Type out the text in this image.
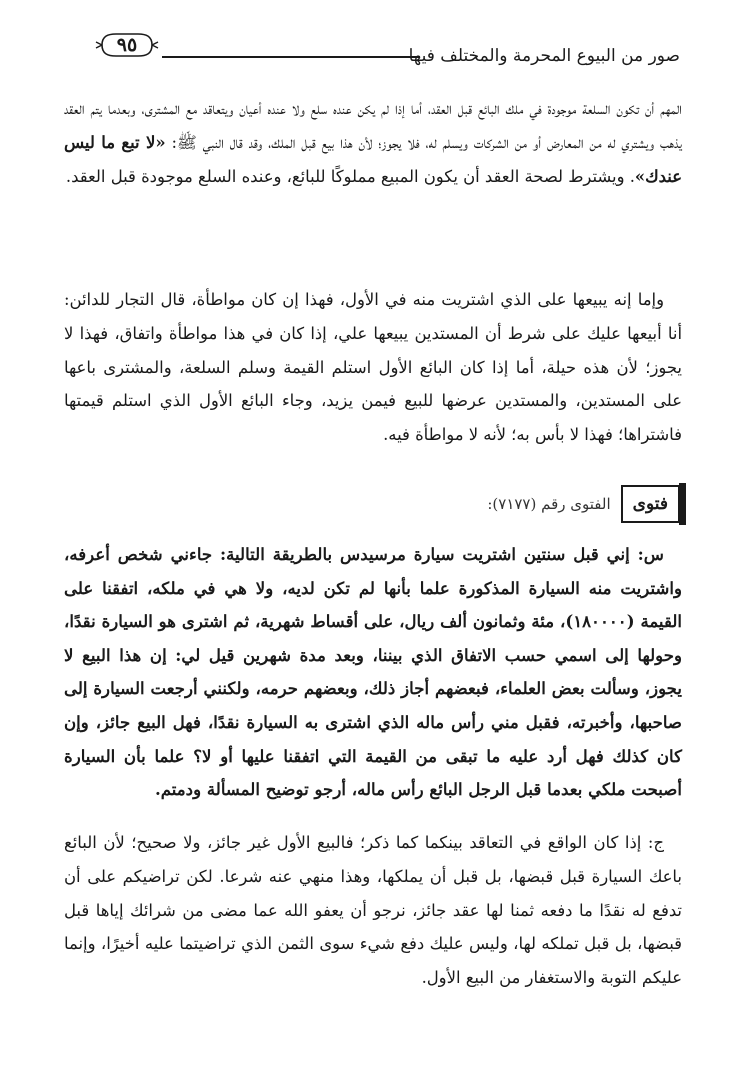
صور من البيوع المحرمة والمختلف فيها
٩٥

المهم أن تكون السلعة موجودة في ملك البائع قبل العقد، أما إذا لم يكن عنده سلع ولا عنده أعيان ويتعاقد مع المشترى، وبعدما يتم العقد يذهب ويشتري له من المعارض أو من الشركات ويسلم له، فلا يجوز؛ لأن هذا بيع قبل الملك، وقد قال النبي ﷺ: «لا تبع ما ليس عندك». ويشترط لصحة العقد أن يكون المبيع مملوكًا للبائع، وعنده السلع موجودة قبل العقد.

وإما إنه يبيعها على الذي اشتريت منه في الأول، فهذا إن كان مواطأة، قال التجار للدائن: أنا أبيعها عليك على شرط أن المستدين يبيعها علي، إذا كان في هذا مواطأة واتفاق، فهذا لا يجوز؛ لأن هذه حيلة، أما إذا كان البائع الأول استلم القيمة وسلم السلعة، والمشترى باعها على المستدين، والمستدين عرضها للبيع فيمن يزيد، وجاء البائع الأول الذي استلم قيمتها فاشتراها؛ فهذا لا بأس به؛ لأنه لا مواطأة فيه.

فتوى
الفتوى رقم (٧١٧٧):
س: إني قبل سنتين اشتريت سيارة مرسيدس بالطريقة التالية: جاءني شخص أعرفه، واشتريت منه السيارة المذكورة علما بأنها لم تكن لديه، ولا هي في ملكه، اتفقنا على القيمة (١٨٠٠٠٠)، مئة وثمانون ألف ريال، على أقساط شهرية، ثم اشترى هو السيارة نقدًا، وحولها إلى اسمي حسب الاتفاق الذي بيننا، وبعد مدة شهرين قيل لي: إن هذا البيع لا يجوز، وسألت بعض العلماء، فبعضهم أجاز ذلك، وبعضهم حرمه، ولكنني أرجعت السيارة إلى صاحبها، وأخبرته، فقبل مني رأس ماله الذي اشترى به السيارة نقدًا، فهل البيع جائز، وإن كان كذلك فهل أرد عليه ما تبقى من القيمة التي اتفقنا عليها أو لا؟ علما بأن السيارة أصبحت ملكي بعدما قبل الرجل البائع رأس ماله، أرجو توضيح المسألة ودمتم.

ج: إذا كان الواقع في التعاقد بينكما كما ذكر؛ فالبيع الأول غير جائز، ولا صحيح؛ لأن البائع باعك السيارة قبل قبضها، بل قبل أن يملكها، وهذا منهي عنه شرعا. لكن تراضيكم على أن تدفع له نقدًا ما دفعه ثمنا لها عقد جائز، نرجو أن يعفو الله عما مضى من شرائك إياها قبل قبضها، بل قبل تملكه لها، وليس عليك دفع شيء سوى الثمن الذي تراضيتما عليه أخيرًا، وإنما عليكم التوبة والاستغفار من البيع الأول.
